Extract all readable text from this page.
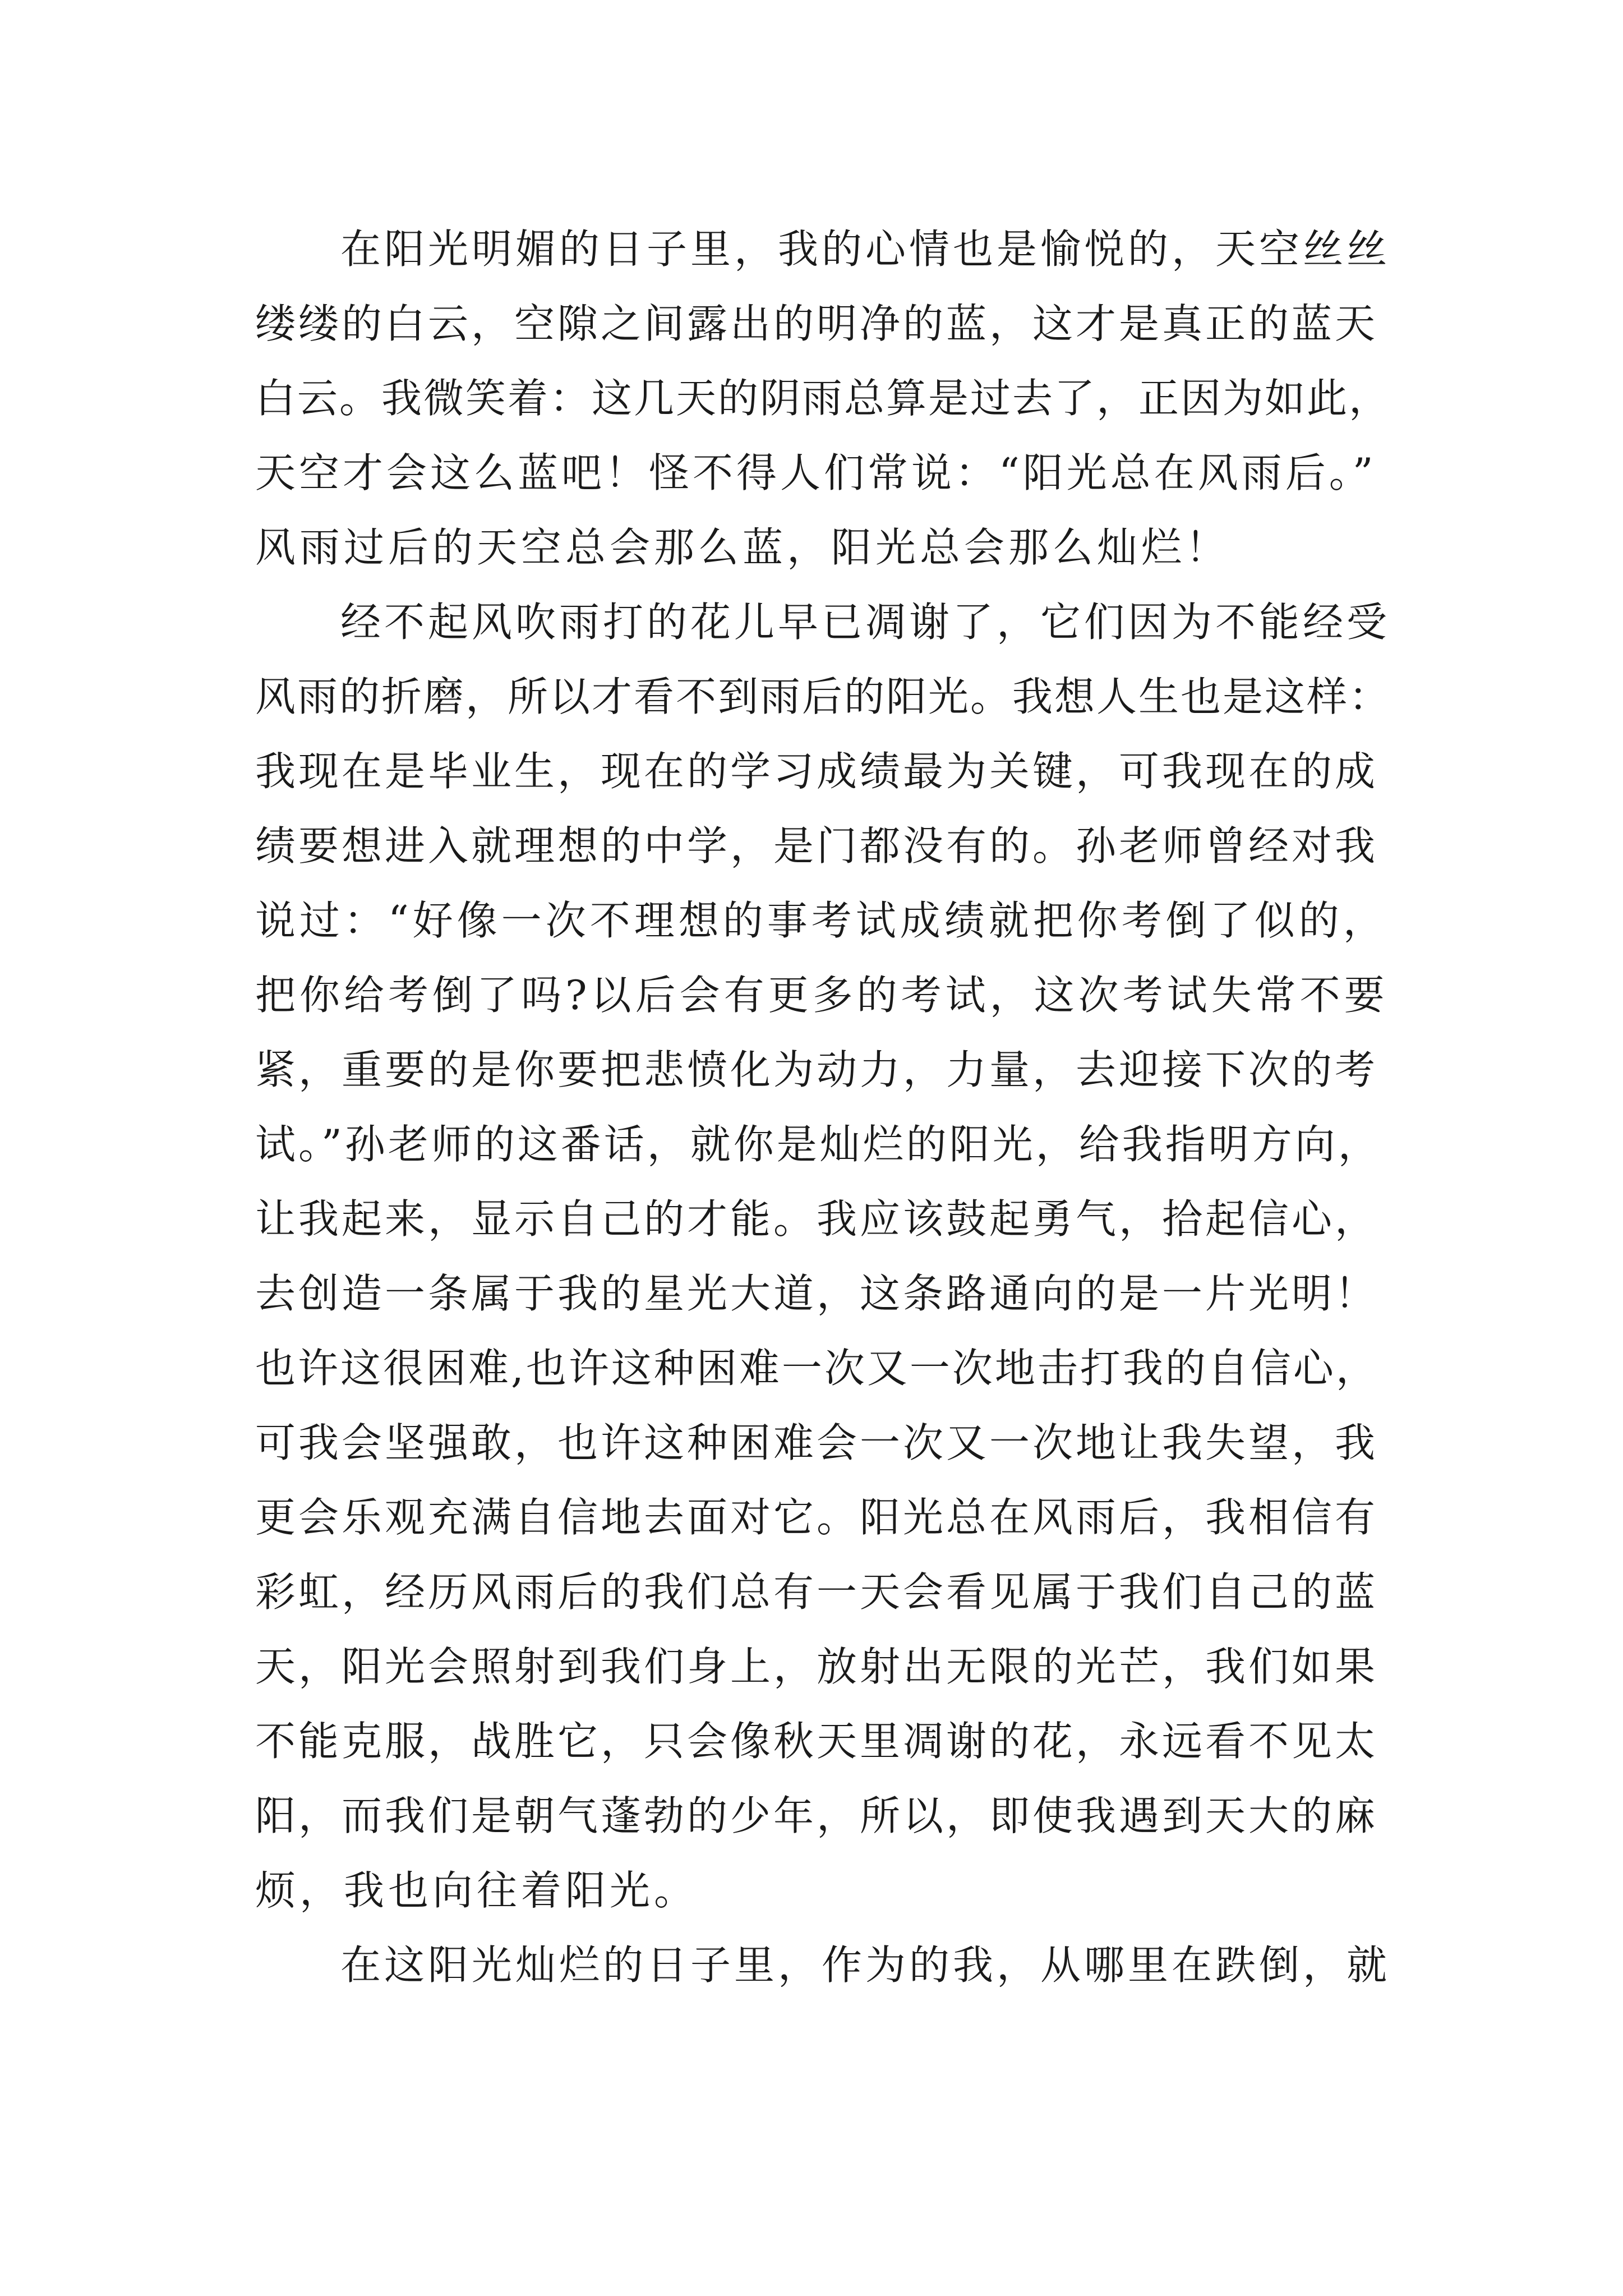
在阳光明媚的日子里，我的心情也是愉悦的，天空丝丝
缕缕的白云，空隙之间露出的明净的蓝，这才是真正的蓝天
白云。我微笑着：这几天的阴雨总算是过去了，正因为如此，
天空才会这么蓝吧！怪不得人们常说：“阳光总在风雨后。”
风雨过后的天空总会那么蓝，阳光总会那么灿烂！
经不起风吹雨打的花儿早已凋谢了，它们因为不能经受
风雨的折磨，所以才看不到雨后的阳光。我想人生也是这样：
我现在是毕业生，现在的学习成绩最为关键，可我现在的成
绩要想进入就理想的中学，是门都没有的。孙老师曾经对我
说过：“好像一次不理想的事考试成绩就把你考倒了似的，
把你给考倒了吗?以后会有更多的考试，这次考试失常不要
紧，重要的是你要把悲愤化为动力，力量，去迎接下次的考
试。”孙老师的这番话，就你是灿烂的阳光，给我指明方向，
让我起来，显示自己的才能。我应该鼓起勇气，拾起信心，
去创造一条属于我的星光大道，这条路通向的是一片光明！
也许这很困难,也许这种困难一次又一次地击打我的自信心，
可我会坚强敢，也许这种困难会一次又一次地让我失望，我
更会乐观充满自信地去面对它。阳光总在风雨后，我相信有
彩虹，经历风雨后的我们总有一天会看见属于我们自己的蓝
天，阳光会照射到我们身上，放射出无限的光芒，我们如果
不能克服，战胜它，只会像秋天里凋谢的花，永远看不见太
阳，而我们是朝气蓬勃的少年，所以，即使我遇到天大的麻
烦，我也向往着阳光。
在这阳光灿烂的日子里，作为的我，从哪里在跌倒，就
